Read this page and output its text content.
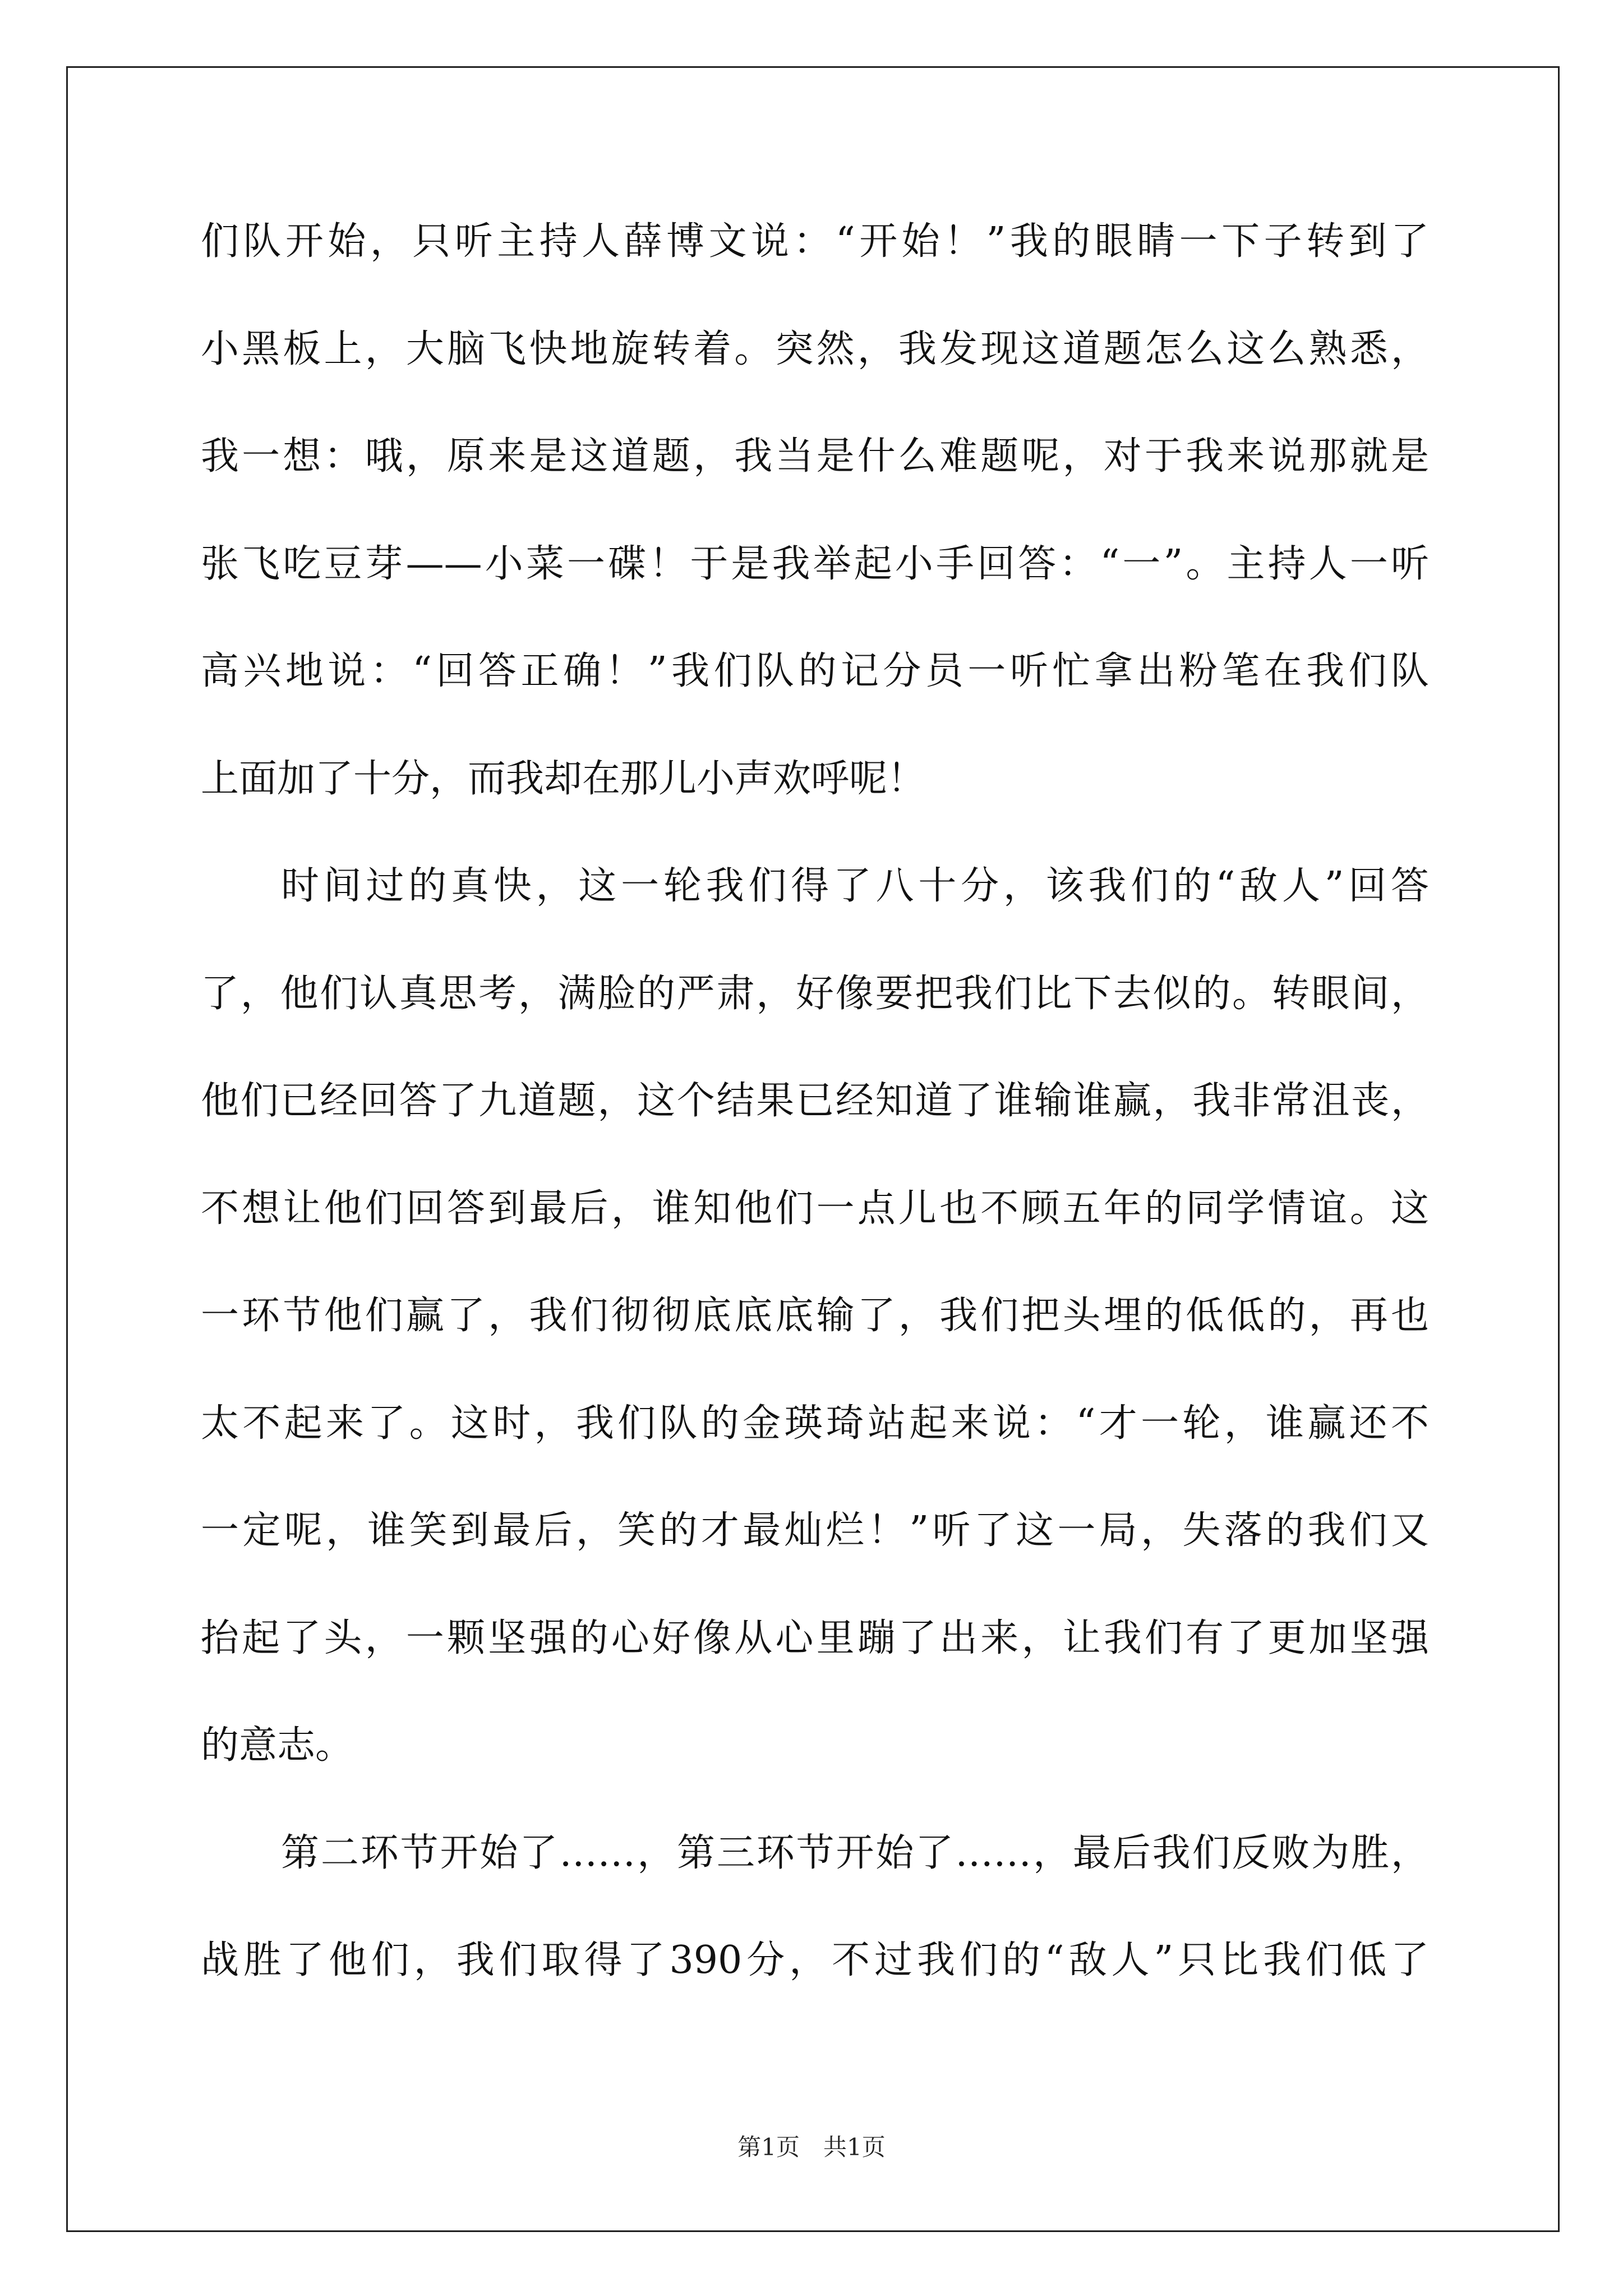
们队开始，只听主持人薛博文说：“开始！”我的眼睛一下子转到了
小黑板上，大脑飞快地旋转着。突然，我发现这道题怎么这么熟悉，
我一想：哦，原来是这道题，我当是什么难题呢，对于我来说那就是
张飞吃豆芽——小菜一碟！于是我举起小手回答：“一”。主持人一听
高兴地说：“回答正确！”我们队的记分员一听忙拿出粉笔在我们队
上面加了十分，而我却在那儿小声欢呼呢！
时间过的真快，这一轮我们得了八十分，该我们的“敌人”回答
了，他们认真思考，满脸的严肃，好像要把我们比下去似的。转眼间，
他们已经回答了九道题，这个结果已经知道了谁输谁赢，我非常沮丧，
不想让他们回答到最后，谁知他们一点儿也不顾五年的同学情谊。这
一环节他们赢了，我们彻彻底底底输了，我们把头埋的低低的，再也
太不起来了。这时，我们队的金瑛琦站起来说：“才一轮，谁赢还不
一定呢，谁笑到最后，笑的才最灿烂！”听了这一局，失落的我们又
抬起了头，一颗坚强的心好像从心里蹦了出来，让我们有了更加坚强
的意志。
第二环节开始了……，第三环节开始了……，最后我们反败为胜，
战胜了他们，我们取得了390分，不过我们的“敌人”只比我们低了
第1页　共1页
